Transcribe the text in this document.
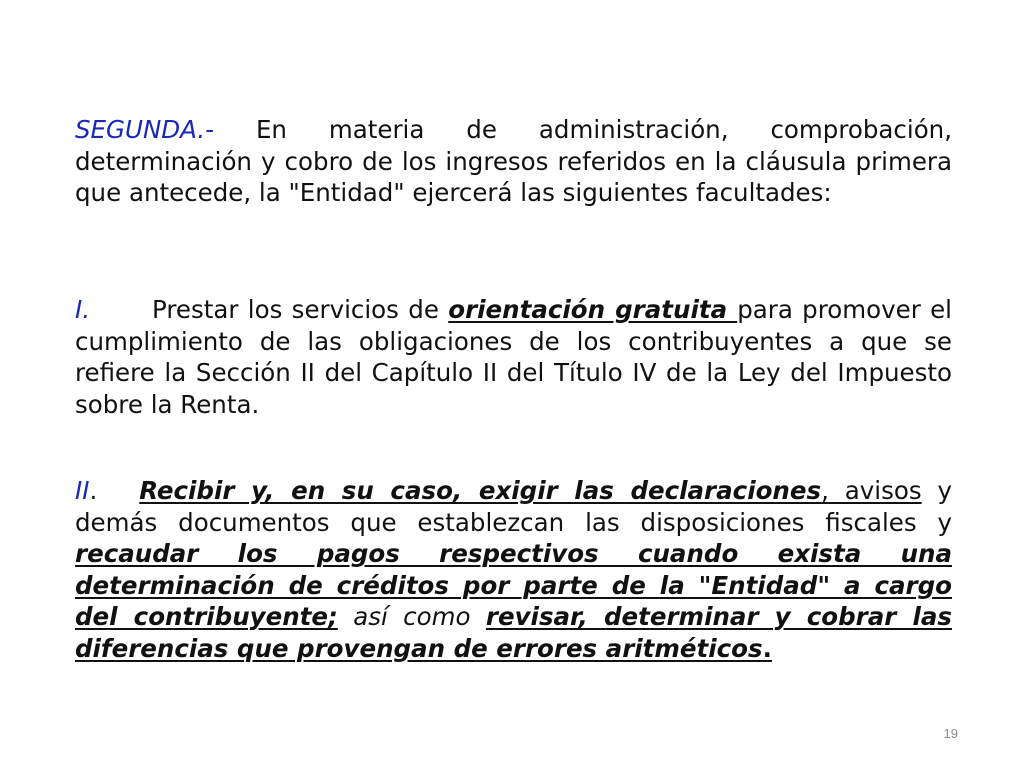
SEGUNDA.- En materia de administración, comprobación, determinación y cobro de los ingresos referidos en la cláusula primera que antecede, la "Entidad" ejercerá las siguientes facultades:

I.	Prestar los servicios de orientación gratuita para promover el cumplimiento de las obligaciones de los contribuyentes a que se refiere la Sección II del Capítulo II del Título IV de la Ley del Impuesto sobre la Renta.

II. Recibir y, en su caso, exigir las declaraciones, avisos y demás documentos que establezcan las disposiciones fiscales y recaudar los pagos respectivos cuando exista una determinación de créditos por parte de la "Entidad" a cargo del contribuyente; así como revisar, determinar y cobrar las diferencias que provengan de errores aritméticos.

19
